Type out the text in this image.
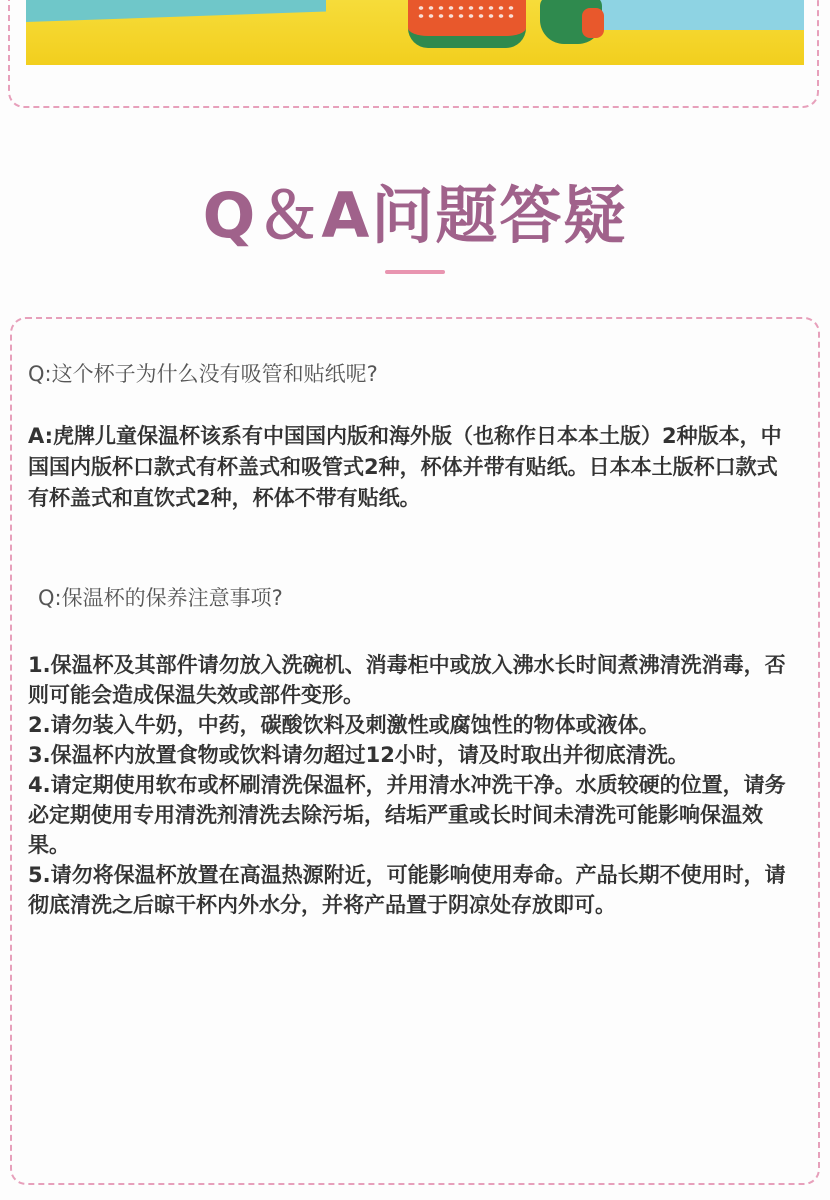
Q＆A问题答疑

Q:这个杯子为什么没有吸管和贴纸呢?

A:虎牌儿童保温杯该系有中国国内版和海外版（也称作日本本土版）2种版本，中国国内版杯口款式有杯盖式和吸管式2种，杯体并带有贴纸。日本本土版杯口款式有杯盖式和直饮式2种，杯体不带有贴纸。

Q:保温杯的保养注意事项?

1.保温杯及其部件请勿放入洗碗机、消毒柜中或放入沸水长时间煮沸清洗消毒，否则可能会造成保温失效或部件变形。
2.请勿装入牛奶，中药，碳酸饮料及刺激性或腐蚀性的物体或液体。
3.保温杯内放置食物或饮料请勿超过12小时，请及时取出并彻底清洗。
4.请定期使用软布或杯刷清洗保温杯，并用清水冲洗干净。水质较硬的位置，请务必定期使用专用清洗剂清洗去除污垢，结垢严重或长时间未清洗可能影响保温效果。
5.请勿将保温杯放置在高温热源附近，可能影响使用寿命。产品长期不使用时，请彻底清洗之后晾干杯内外水分，并将产品置于阴凉处存放即可。
